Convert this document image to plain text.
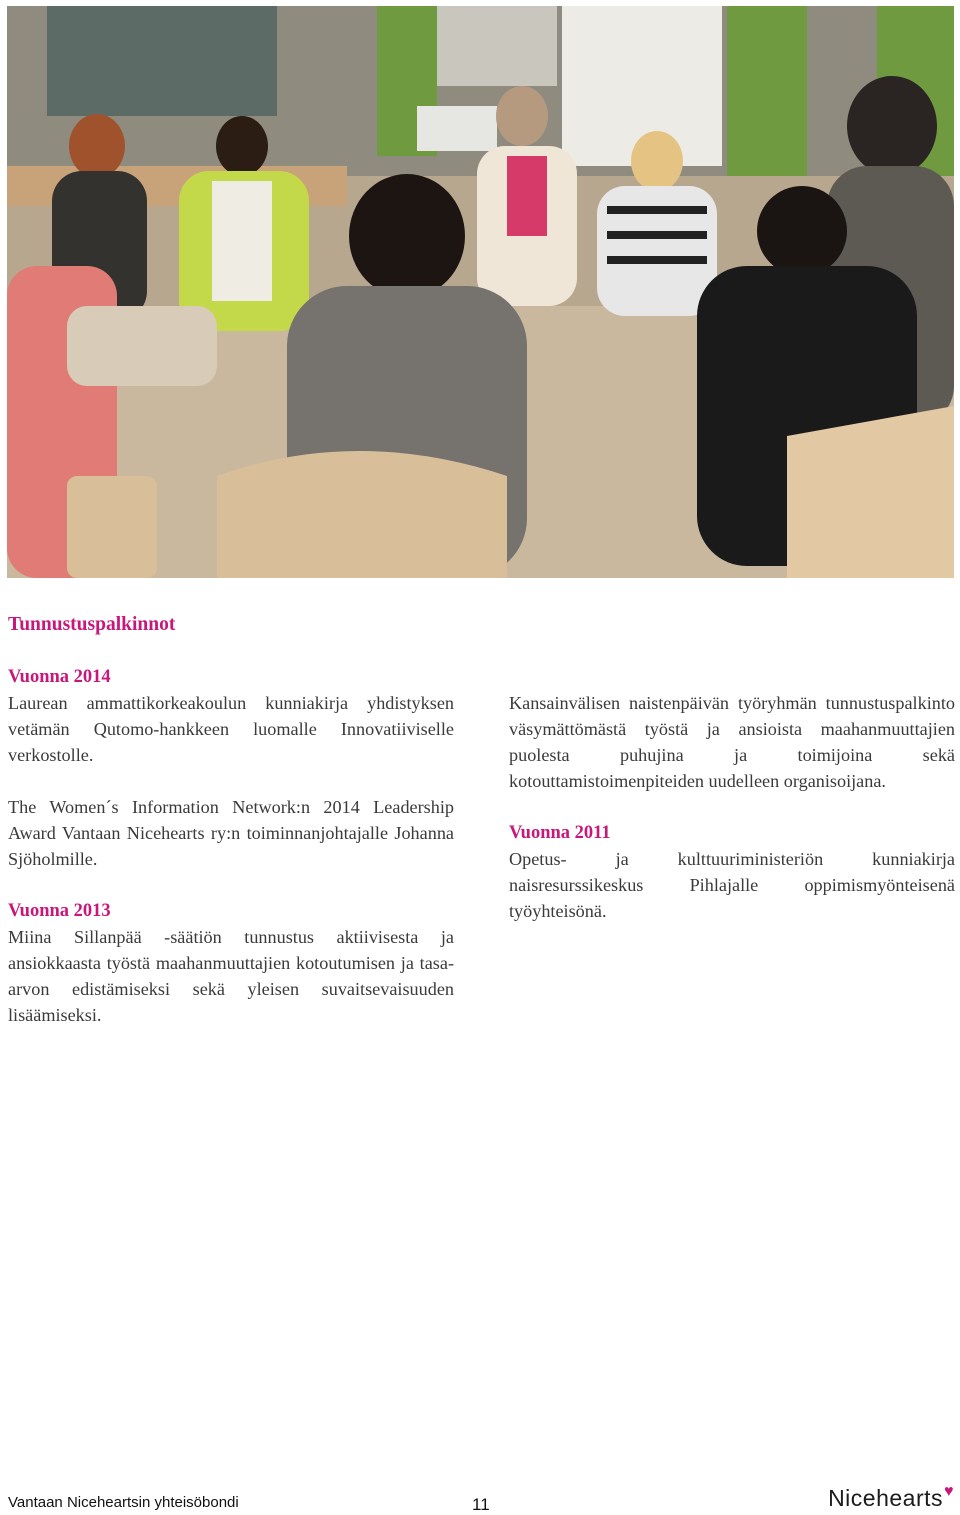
Tunnustuspalkinnot

Vuonna 2014

Laurean ammattikorkeakoulun kunniakirja yhdistyksen vetämän Qutomo-hankkeen luomalle Innovatiiviselle verkostolle.

The Women´s Information Network:n 2014 Leadership Award Vantaan Nicehearts ry:n toiminnanjohtajalle Johanna Sjöholmille.

Vuonna 2013

Miina Sillanpää -säätiön tunnustus aktiivisesta ja ansiokkaasta työstä maahanmuuttajien kotoutumisen ja tasa-arvon edistämiseksi sekä yleisen suvaitsevaisuuden lisäämiseksi.

Kansainvälisen naistenpäivän työryhmän tunnustuspalkinto väsymättömästä työstä ja ansioista maahanmuuttajien puolesta puhujina ja toimijoina sekä kotouttamistoimenpiteiden uudelleen organisoijana.

Vuonna 2011

Opetus- ja kulttuuriministeriön kunniakirja naisresurssikeskus Pihlajalle oppimismyönteisenä työyhteisönä.

Vantaan Niceheartsin yhteisöbondi	11	Nicehearts ♥
